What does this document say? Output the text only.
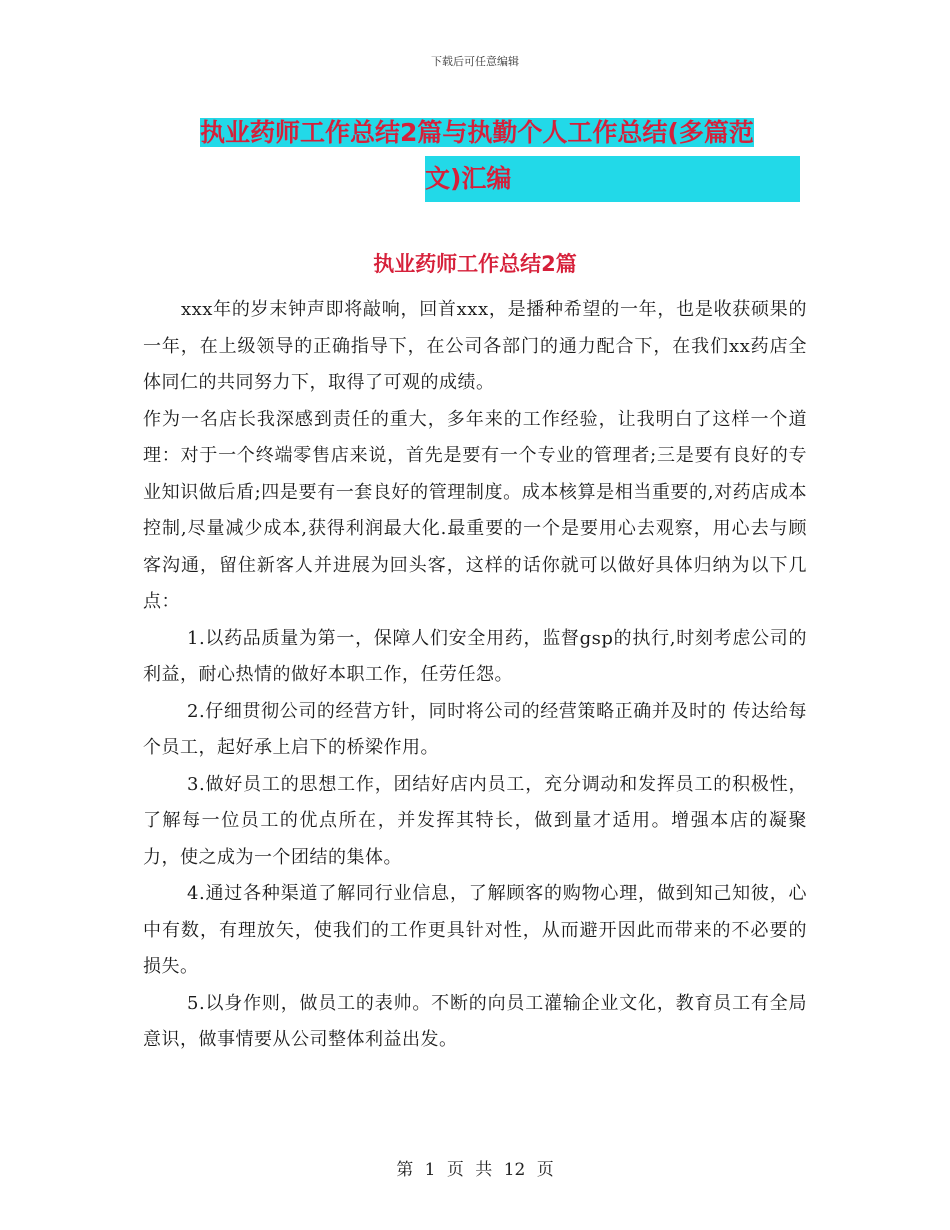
下载后可任意编辑
执业药师工作总结2篇与执勤个人工作总结(多篇范
文)汇编
执业药师工作总结2篇

xxx年的岁末钟声即将敲响，回首xxx，是播种希望的一年，也是收获硕果的一年，在上级领导的正确指导下，在公司各部门的通力配合下，在我们xx药店全体同仁的共同努力下，取得了可观的成绩。

作为一名店长我深感到责任的重大，多年来的工作经验，让我明白了这样一个道理：对于一个终端零售店来说，首先是要有一个专业的管理者;三是要有良好的专业知识做后盾;四是要有一套良好的管理制度。成本核算是相当重要的,对药店成本控制,尽量减少成本,获得利润最大化.最重要的一个是要用心去观察，用心去与顾客沟通，留住新客人并进展为回头客，这样的话你就可以做好具体归纳为以下几点：

1.以药品质量为第一，保障人们安全用药，监督gsp的执行,时刻考虑公司的利益，耐心热情的做好本职工作，任劳任怨。

2.仔细贯彻公司的经营方针，同时将公司的经营策略正确并及时的 传达给每个员工，起好承上启下的桥梁作用。

3.做好员工的思想工作，团结好店内员工，充分调动和发挥员工的积极性，了解每一位员工的优点所在，并发挥其特长，做到量才适用。增强本店的凝聚力，使之成为一个团结的集体。

4.通过各种渠道了解同行业信息，了解顾客的购物心理，做到知己知彼，心中有数，有理放矢，使我们的工作更具针对性，从而避开因此而带来的不必要的损失。

5.以身作则，做员工的表帅。不断的向员工灌输企业文化，教育员工有全局意识，做事情要从公司整体利益出发。

第 1 页 共 12 页
